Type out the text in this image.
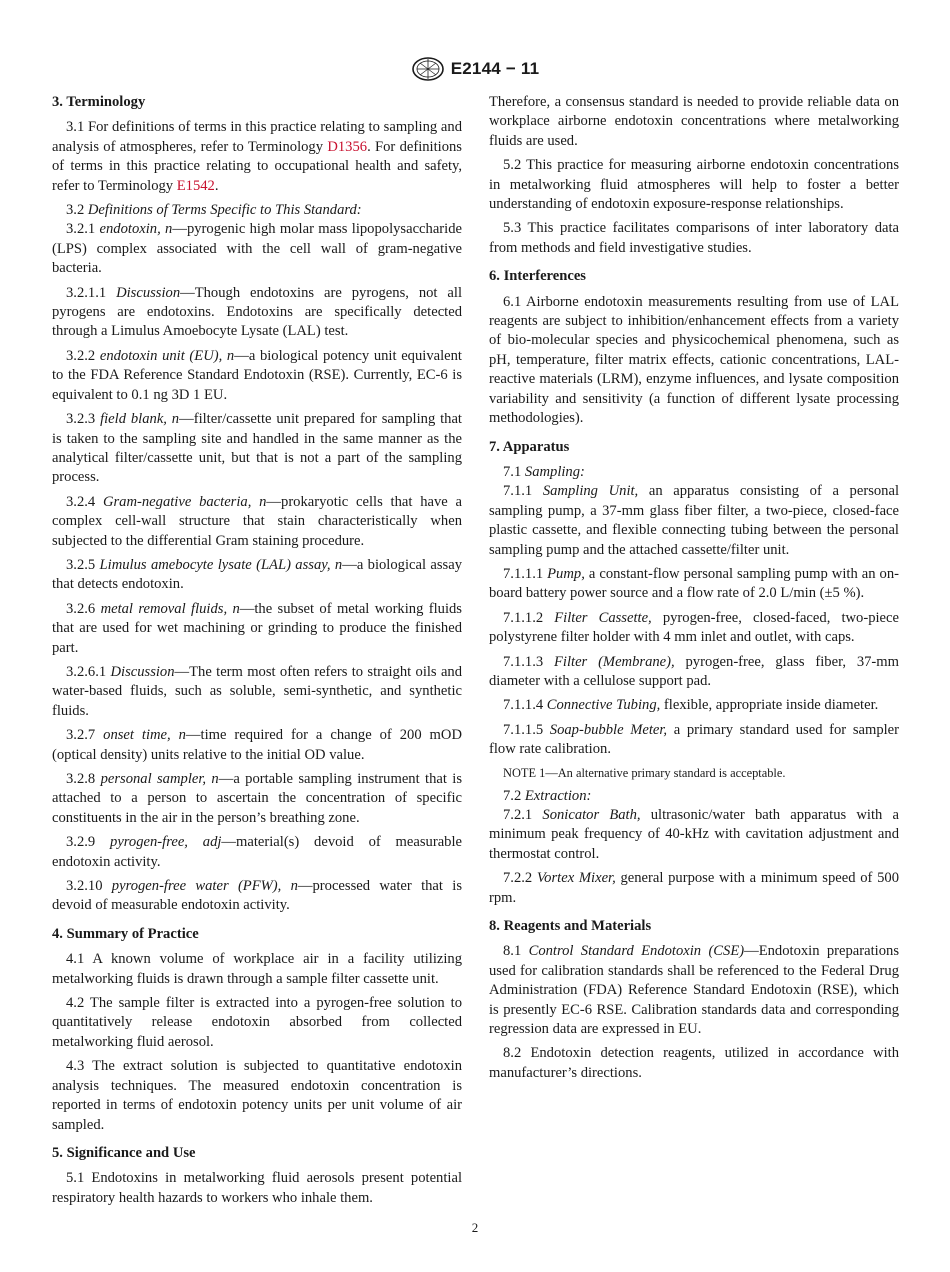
E2144 − 11
3. Terminology

3.1 For definitions of terms in this practice relating to sampling and analysis of atmospheres, refer to Terminology D1356. For definitions of terms in this practice relating to occupational health and safety, refer to Terminology E1542.

3.2 Definitions of Terms Specific to This Standard:

3.2.1 endotoxin, n—pyrogenic high molar mass lipopolysaccharide (LPS) complex associated with the cell wall of gram-negative bacteria.

3.2.1.1 Discussion—Though endotoxins are pyrogens, not all pyrogens are endotoxins. Endotoxins are specifically detected through a Limulus Amoebocyte Lysate (LAL) test.

3.2.2 endotoxin unit (EU), n—a biological potency unit equivalent to the FDA Reference Standard Endotoxin (RSE). Currently, EC-6 is equivalent to 0.1 ng 3D 1 EU.

3.2.3 field blank, n—filter/cassette unit prepared for sampling that is taken to the sampling site and handled in the same manner as the analytical filter/cassette unit, but that is not a part of the sampling process.

3.2.4 Gram-negative bacteria, n—prokaryotic cells that have a complex cell-wall structure that stain characteristically when subjected to the differential Gram staining procedure.

3.2.5 Limulus amebocyte lysate (LAL) assay, n—a biological assay that detects endotoxin.

3.2.6 metal removal fluids, n—the subset of metal working fluids that are used for wet machining or grinding to produce the finished part.

3.2.6.1 Discussion—The term most often refers to straight oils and water-based fluids, such as soluble, semi-synthetic, and synthetic fluids.

3.2.7 onset time, n—time required for a change of 200 mOD (optical density) units relative to the initial OD value.

3.2.8 personal sampler, n—a portable sampling instrument that is attached to a person to ascertain the concentration of specific constituents in the air in the person’s breathing zone.

3.2.9 pyrogen-free, adj—material(s) devoid of measurable endotoxin activity.

3.2.10 pyrogen-free water (PFW), n—processed water that is devoid of measurable endotoxin activity.

4. Summary of Practice

4.1 A known volume of workplace air in a facility utilizing metalworking fluids is drawn through a sample filter cassette unit.

4.2 The sample filter is extracted into a pyrogen-free solution to quantitatively release endotoxin absorbed from collected metalworking fluid aerosol.

4.3 The extract solution is subjected to quantitative endotoxin analysis techniques. The measured endotoxin concentration is reported in terms of endotoxin potency units per unit volume of air sampled.

5. Significance and Use

5.1 Endotoxins in metalworking fluid aerosols present potential respiratory health hazards to workers who inhale them.

Therefore, a consensus standard is needed to provide reliable data on workplace airborne endotoxin concentrations where metalworking fluids are used.

5.2 This practice for measuring airborne endotoxin concentrations in metalworking fluid atmospheres will help to foster a better understanding of endotoxin exposure-response relationships.

5.3 This practice facilitates comparisons of inter laboratory data from methods and field investigative studies.

6. Interferences

6.1 Airborne endotoxin measurements resulting from use of LAL reagents are subject to inhibition/enhancement effects from a variety of bio-molecular species and physicochemical phenomena, such as pH, temperature, filter matrix effects, cationic concentrations, LAL-reactive materials (LRM), enzyme influences, and lysate composition variability and sensitivity (a function of different lysate processing methodologies).

7. Apparatus

7.1 Sampling:

7.1.1 Sampling Unit, an apparatus consisting of a personal sampling pump, a 37-mm glass fiber filter, a two-piece, closed-face plastic cassette, and flexible connecting tubing between the personal sampling pump and the attached cassette/filter unit.

7.1.1.1 Pump, a constant-flow personal sampling pump with an on-board battery power source and a flow rate of 2.0 L/min (±5 %).

7.1.1.2 Filter Cassette, pyrogen-free, closed-faced, two-piece polystyrene filter holder with 4 mm inlet and outlet, with caps.

7.1.1.3 Filter (Membrane), pyrogen-free, glass fiber, 37-mm diameter with a cellulose support pad.

7.1.1.4 Connective Tubing, flexible, appropriate inside diameter.

7.1.1.5 Soap-bubble Meter, a primary standard used for sampler flow rate calibration.

NOTE 1—An alternative primary standard is acceptable.

7.2 Extraction:

7.2.1 Sonicator Bath, ultrasonic/water bath apparatus with a minimum peak frequency of 40-kHz with cavitation adjustment and thermostat control.

7.2.2 Vortex Mixer, general purpose with a minimum speed of 500 rpm.

8. Reagents and Materials

8.1 Control Standard Endotoxin (CSE)—Endotoxin preparations used for calibration standards shall be referenced to the Federal Drug Administration (FDA) Reference Standard Endotoxin (RSE), which is presently EC-6 RSE. Calibration standards data and corresponding regression data are expressed in EU.

8.2 Endotoxin detection reagents, utilized in accordance with manufacturer’s directions.

2
